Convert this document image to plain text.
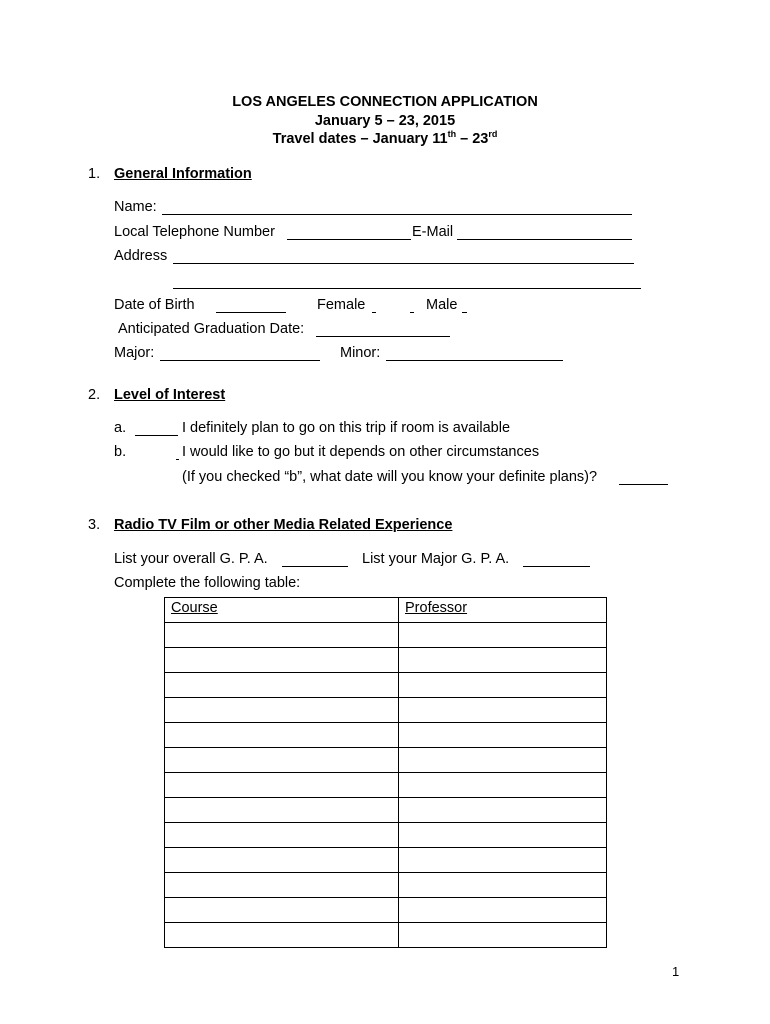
LOS ANGELES CONNECTION APPLICATION
January 5 – 23, 2015
Travel dates – January 11th – 23rd
1. General Information
Name:
Local Telephone Number	E-Mail
Address
Date of Birth	Female	Male
Anticipated Graduation Date:
Major:	Minor:
2. Level of Interest
a.	I definitely plan to go on this trip if room is available
b.	I would like to go but it depends on other circumstances
(If you checked “b”, what date will you know your definite plans)?
3. Radio TV Film or other Media Related Experience
List your overall G. P. A.	List your Major G. P. A.
Complete the following table:
Course	Professor

1
